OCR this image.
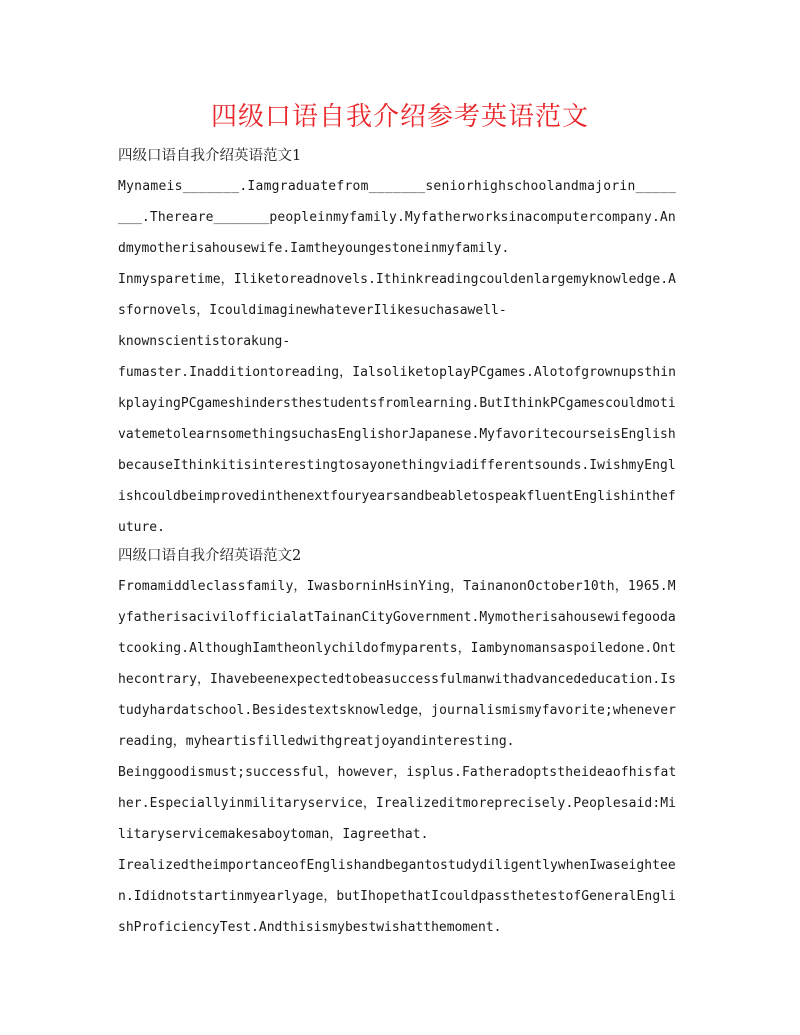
四级口语自我介绍参考英语范文
四级口语自我介绍英语范文1
Mynameis_______.Iamgraduatefrom_______seniorhighschoolandmajorin_____
___.Thereare_______peopleinmyfamily.Myfatherworksinacomputercompany.An
dmymotherisahousewife.Iamtheyoungestoneinmyfamily.
Inmysparetime，Iliketoreadnovels.Ithinkreadingcouldenlargemyknowledge.A
sfornovels，IcouldimaginewhateverIlikesuchasawell-
knownscientistorakung-
fumaster.Inadditiontoreading，IalsoliketoplayPCgames.Alotofgrownupsthin
kplayingPCgameshindersthestudentsfromlearning.ButIthinkPCgamescouldmoti
vatemetolearnsomethingsuchasEnglishorJapanese.MyfavoritecourseisEnglish
becauseIthinkitisinterestingtosayonethingviadifferentsounds.IwishmyEngl
ishcouldbeimprovedinthenextfouryearsandbeabletospeakfluentEnglishinthef
uture.
四级口语自我介绍英语范文2
Fromamiddleclassfamily，IwasborninHsinYing，TainanonOctober10th，1965.M
yfatherisacivilofficialatTainanCityGovernment.Mymotherisahousewifegooda
tcooking.AlthoughIamtheonlychildofmyparents，Iambynomansaspoiledone.Ont
hecontrary，Ihavebeenexpectedtobeasuccessfulmanwithadvancededucation.Is
tudyhardatschool.Besidestextsknowledge，journalismismyfavorite;whenever
reading，myheartisfilledwithgreatjoyandinteresting.
Beinggoodismust;successful，however，isplus.Fatheradoptstheideaofhisfat
her.Especiallyinmilitaryservice，Irealizeditmoreprecisely.Peoplesaid:Mi
litaryservicemakesaboytoman，Iagreethat.
IrealizedtheimportanceofEnglishandbegantostudydiligentlywhenIwaseightee
n.Ididnotstartinmyearlyage，butIhopethatIcouldpassthetestofGeneralEngli
shProficiencyTest.Andthisismybestwishatthemoment.
